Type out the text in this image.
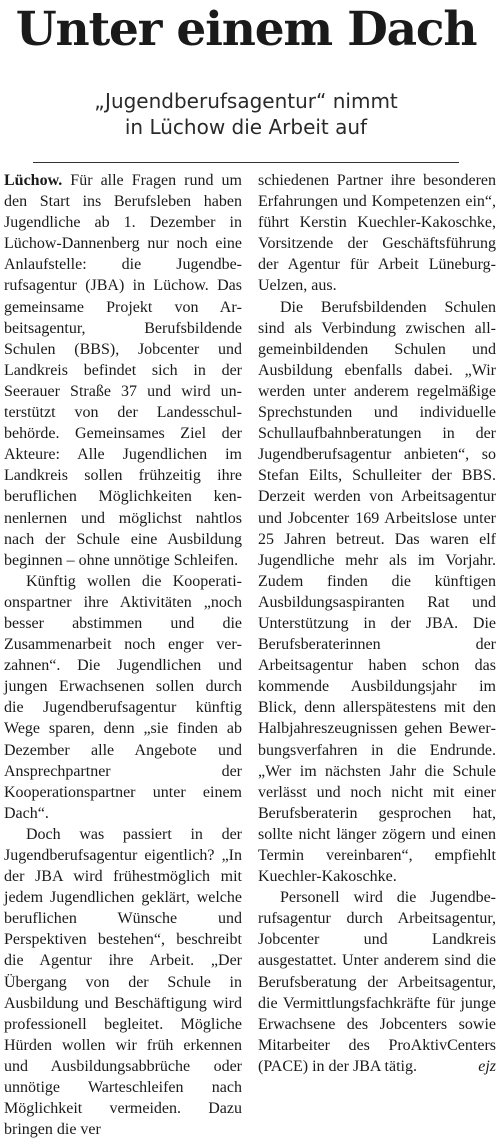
Unter einem Dach
„Jugendberufsagentur“ nimmt
in Lüchow die Arbeit auf

Lüchow. Für alle Fragen rund um den Start ins Berufsleben haben Jugendliche ab 1. Dezember in Lüchow-Dannenberg nur noch eine Anlaufstelle: die Jugendberufsagentur (JBA) in Lüchow. Das gemeinsame Projekt von Arbeitsagentur, Berufsbildende Schulen (BBS), Jobcenter und Landkreis befindet sich in der Seerauer Straße 37 und wird unterstützt von der Landesschulbehörde. Gemeinsames Ziel der Akteure: Alle Jugendlichen im Landkreis sollen frühzeitig ihre beruflichen Möglichkeiten kennenlernen und möglichst nahtlos nach der Schule eine Ausbildung beginnen – ohne unnötige Schleifen.

Künftig wollen die Kooperationspartner ihre Aktivitäten „noch besser abstimmen und die Zusammenarbeit noch enger verzahnen“. Die Jugendlichen und jungen Erwachsenen sollen durch die Jugendberufsagentur künftig Wege sparen, denn „sie finden ab Dezember alle Angebote und Ansprechpartner der Kooperationspartner unter einem Dach“.

Doch was passiert in der Jugendberufsagentur eigentlich? „In der JBA wird frühestmöglich mit jedem Jugendlichen geklärt, welche beruflichen Wünsche und Perspektiven bestehen“, beschreibt die Agentur ihre Arbeit. „Der Übergang von der Schule in Ausbildung und Beschäftigung wird professionell begleitet. Mögliche Hürden wollen wir früh erkennen und Ausbildungsabbrüche oder unnötige Warteschleifen nach Möglichkeit vermeiden. Dazu bringen die ver

schiedenen Partner ihre besonderen Erfahrungen und Kompetenzen ein“, führt Kerstin Kuechler-Kakoschke, Vorsitzende der Geschäftsführung der Agentur für Arbeit Lüneburg-Uelzen, aus.

Die Berufsbildenden Schulen sind als Verbindung zwischen allgemeinbildenden Schulen und Ausbildung ebenfalls dabei. „Wir werden unter anderem regelmäßige Sprechstunden und individuelle Schullaufbahnberatungen in der Jugendberufsagentur anbieten“, so Stefan Eilts, Schulleiter der BBS. Derzeit werden von Arbeitsagentur und Jobcenter 169 Arbeitslose unter 25 Jahren betreut. Das waren elf Jugendliche mehr als im Vorjahr. Zudem finden die künftigen Ausbildungsaspiranten Rat und Unterstützung in der JBA. Die Berufsberaterinnen der Arbeitsagentur haben schon das kommende Ausbildungsjahr im Blick, denn allerspätestens mit den Halbjahreszeugnissen gehen Bewerbungsverfahren in die Endrunde. „Wer im nächsten Jahr die Schule verlässt und noch nicht mit einer Berufsberaterin gesprochen hat, sollte nicht länger zögern und einen Termin vereinbaren“, empfiehlt Kuechler-Kakoschke.

Personell wird die Jugendberufsagentur durch Arbeitsagentur, Jobcenter und Landkreis ausgestattet. Unter anderem sind die Berufsberatung der Arbeitsagentur, die Vermittlungsfachkräfte für junge Erwachsene des Jobcenters sowie Mitarbeiter des ProAktivCenters (PACE) in der JBA tätig.	ejz
